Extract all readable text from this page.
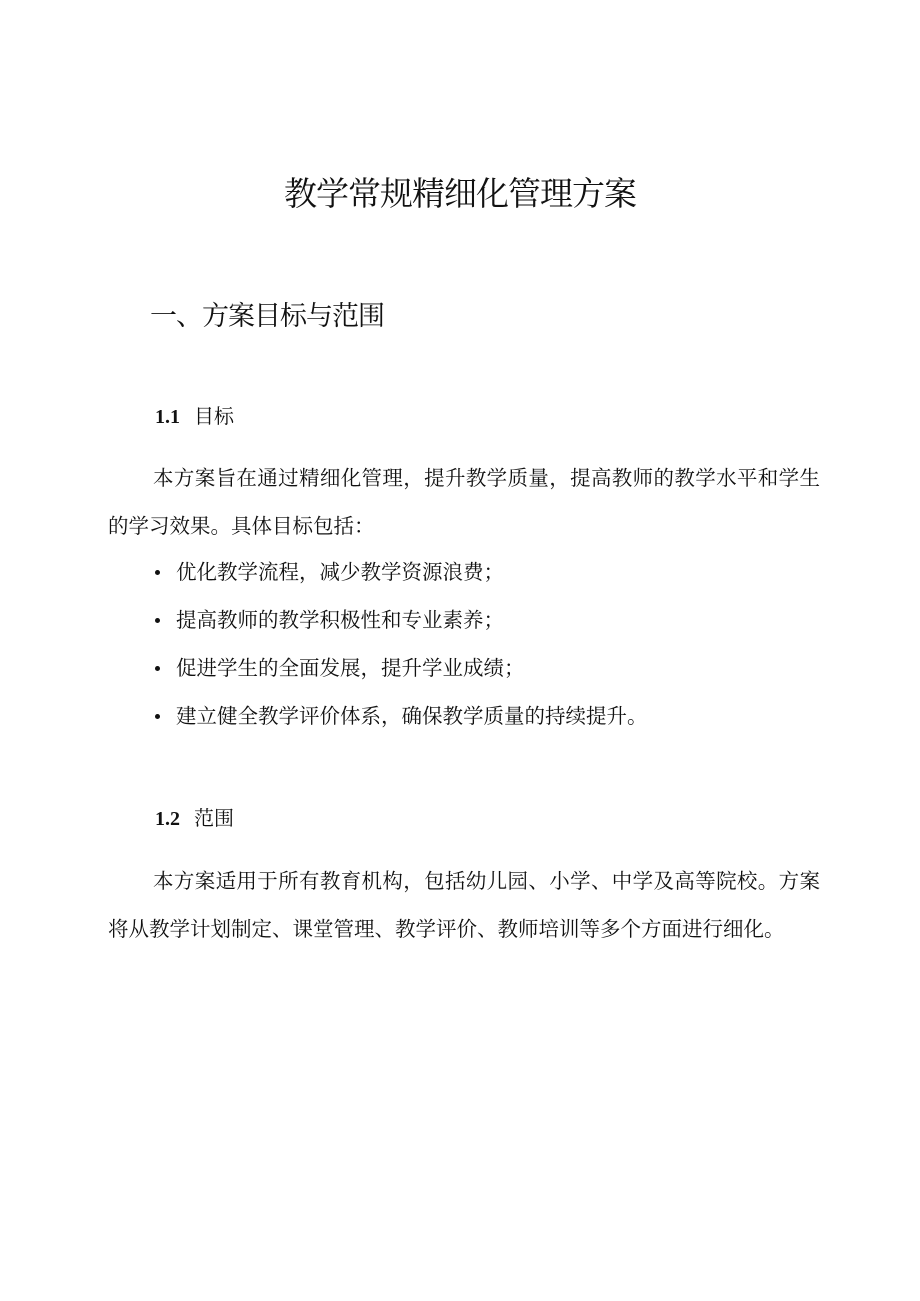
教学常规精细化管理方案
一、方案目标与范围
1.1 目标

本方案旨在通过精细化管理，提升教学质量，提高教师的教学水平和学生的学习效果。具体目标包括：

优化教学流程，减少教学资源浪费；
提高教师的教学积极性和专业素养；
促进学生的全面发展，提升学业成绩；
建立健全教学评价体系，确保教学质量的持续提升。
1.2 范围

本方案适用于所有教育机构，包括幼儿园、小学、中学及高等院校。方案将从教学计划制定、课堂管理、教学评价、教师培训等多个方面进行细化。
